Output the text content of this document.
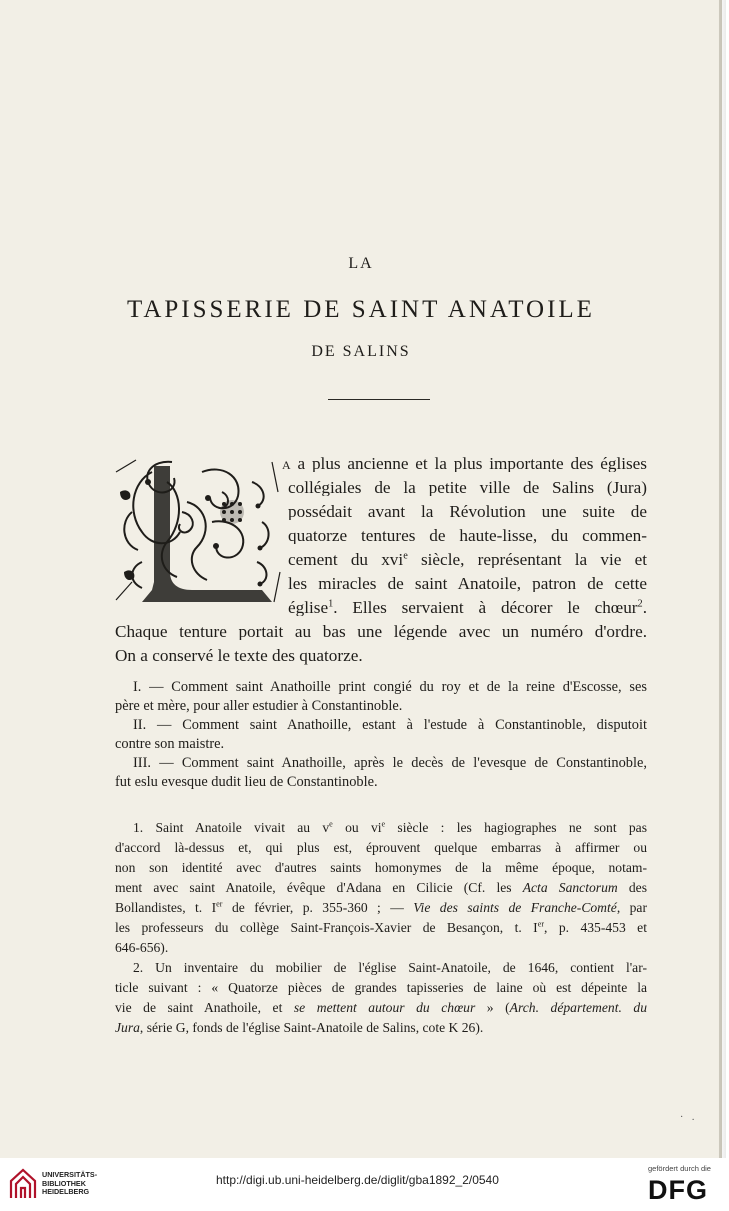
LA
TAPISSERIE DE SAINT ANATOILE
DE SALINS
A a plus ancienne et la plus importante des églises
collégiales de la petite ville de Salins (Jura)
possédait avant la Révolution une suite de
quatorze tentures de haute-lisse, du commen-
cement du xvi$^e$ siècle, représentant la vie et
les miracles de saint Anatoile, patron de cette
église$^1$. Elles servaient à décorer le chœur$^2$.
Chaque tenture portait au bas une légende avec un numéro d'ordre.
On a conservé le texte des quatorze.
I. — Comment saint Anathoille print congié du roy et de la reine d'Escosse, ses
père et mère, pour aller estudier à Constantinoble.
II. — Comment saint Anathoille, estant à l'estude à Constantinoble, disputoit
contre son maistre.
III. — Comment saint Anathoille, après le decès de l'evesque de Constantinoble,
fut eslu evesque dudit lieu de Constantinoble.
1. Saint Anatoile vivait au $v^e$ ou $vi^e$ siècle : les hagiographes ne sont pas
d'accord là-dessus et, qui plus est, éprouvent quelque embarras à affirmer ou
non son identité avec d'autres saints homonymes de la même époque, notam-
ment avec saint Anatoile, évêque d'Adana en Cilicie (Cf. les Acta Sanctorum des
Bollandistes, t. Ier de février, p. 355-360 ; — Vie des saints de Franche-Comté, par
les professeurs du collège Saint-François-Xavier de Besançon, t. Ier, p. 435-453 et
646-656).
2. Un inventaire du mobilier de l'église Saint-Anatoile, de 1646, contient l'ar-
ticle suivant : « Quatorze pièces de grandes tapisseries de laine où est dépeinte la
vie de saint Anathoile, et se mettent autour du chœur » (Arch. département. du
Jura, série G, fonds de l'église Saint-Anatoile de Salins, cote K 26).
· .
UNIVERSITÄTS-
BIBLIOTHEK
HEIDELBERG
http://digi.ub.uni-heidelberg.de/diglit/gba1892_2/0540
gefördert durch die
DFG
